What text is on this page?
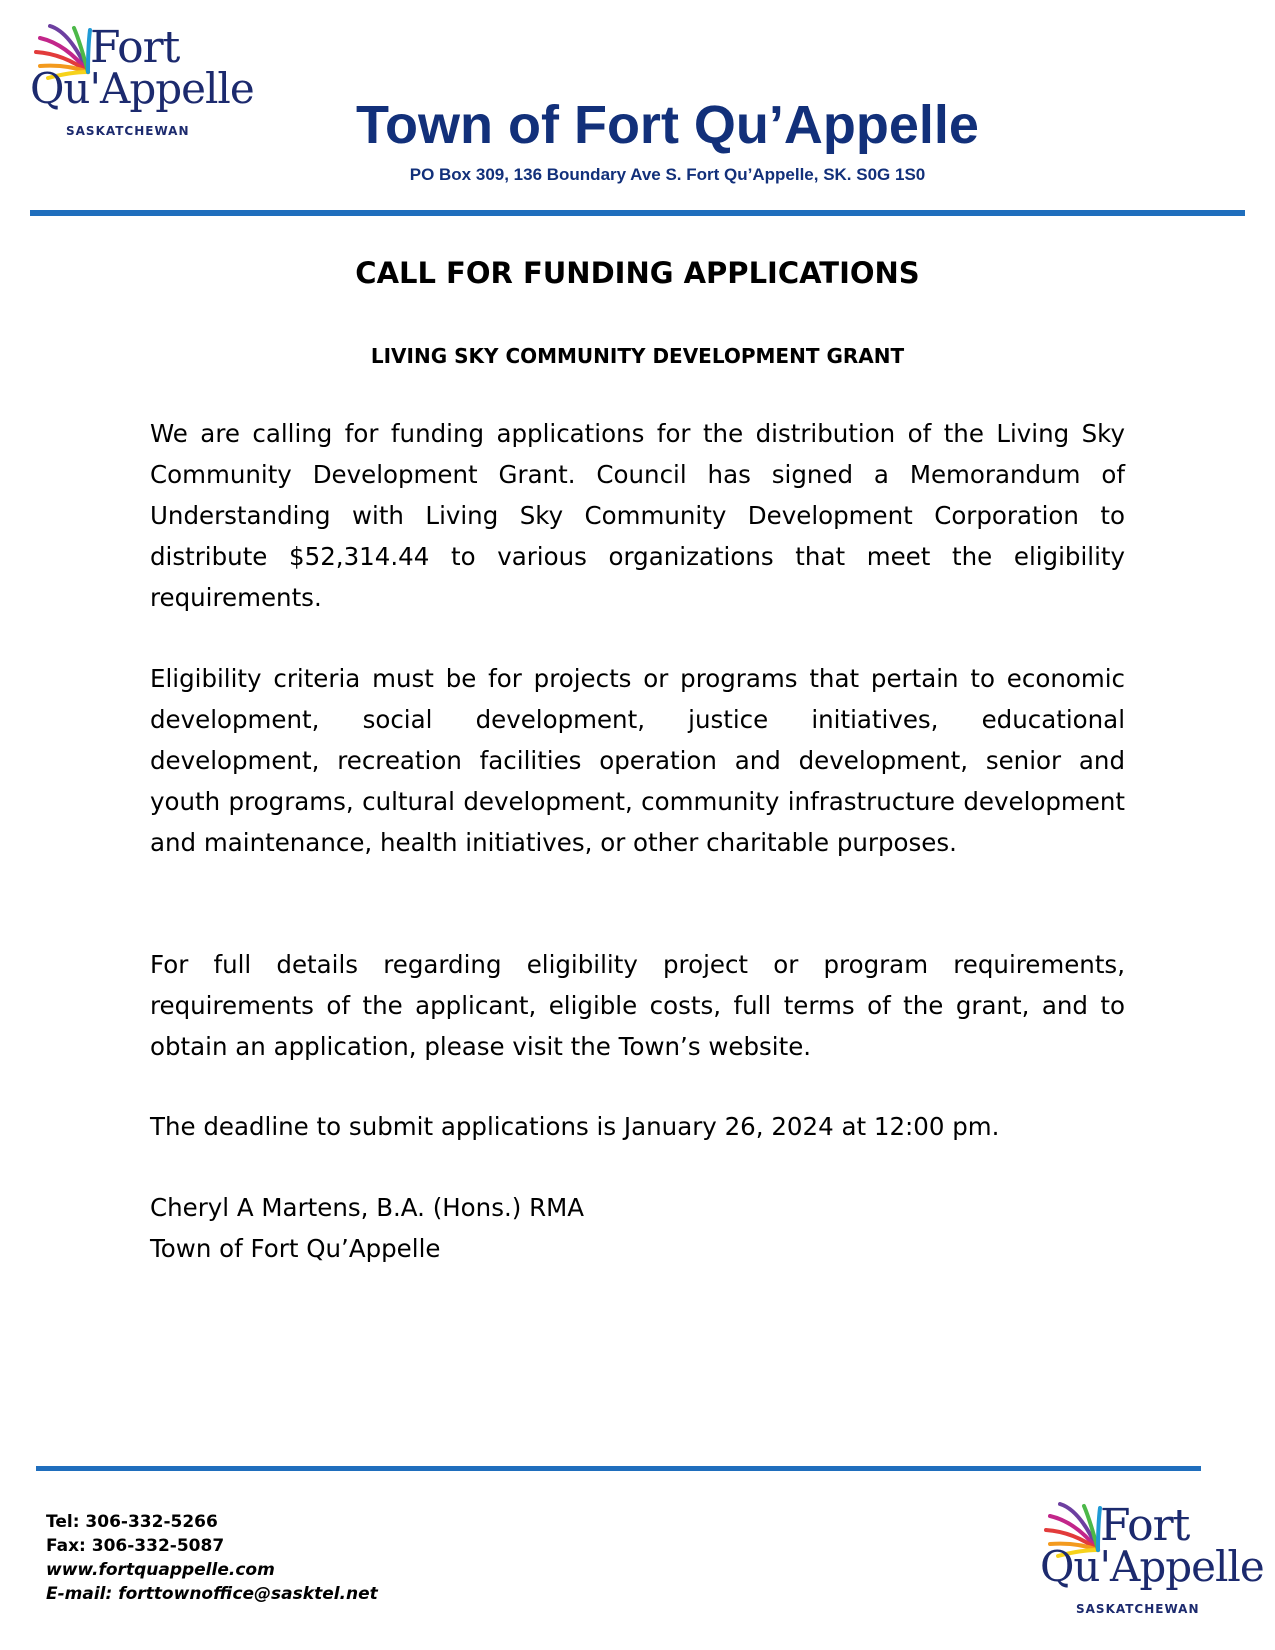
Fort
Qu'Appelle
SASKATCHEWAN	Town of Fort Qu’Appelle
PO Box 309, 136 Boundary Ave S. Fort Qu’Appelle, SK. S0G 1S0
CALL FOR FUNDING APPLICATIONS
LIVING SKY COMMUNITY DEVELOPMENT GRANT
We are calling for funding applications for the distribution of the Living Sky Community Development Grant. Council has signed a Memorandum of Understanding with Living Sky Community Development Corporation to distribute $52,314.44 to various organizations that meet the eligibility requirements.
Eligibility criteria must be for projects or programs that pertain to economic development, social development, justice initiatives, educational development, recreation facilities operation and development, senior and youth programs, cultural development, community infrastructure development and maintenance, health initiatives, or other charitable purposes.
For full details regarding eligibility project or program requirements, requirements of the applicant, eligible costs, full terms of the grant, and to obtain an application, please visit the Town’s website.
The deadline to submit applications is January 26, 2024 at 12:00 pm.
Cheryl A Martens, B.A. (Hons.) RMA
Town of Fort Qu’Appelle
Tel: 306-332-5266
Fax: 306-332-5087
www.fortquappelle.com
E-mail: forttownoffice@sasktel.net
Fort
Qu'Appelle
SASKATCHEWAN
